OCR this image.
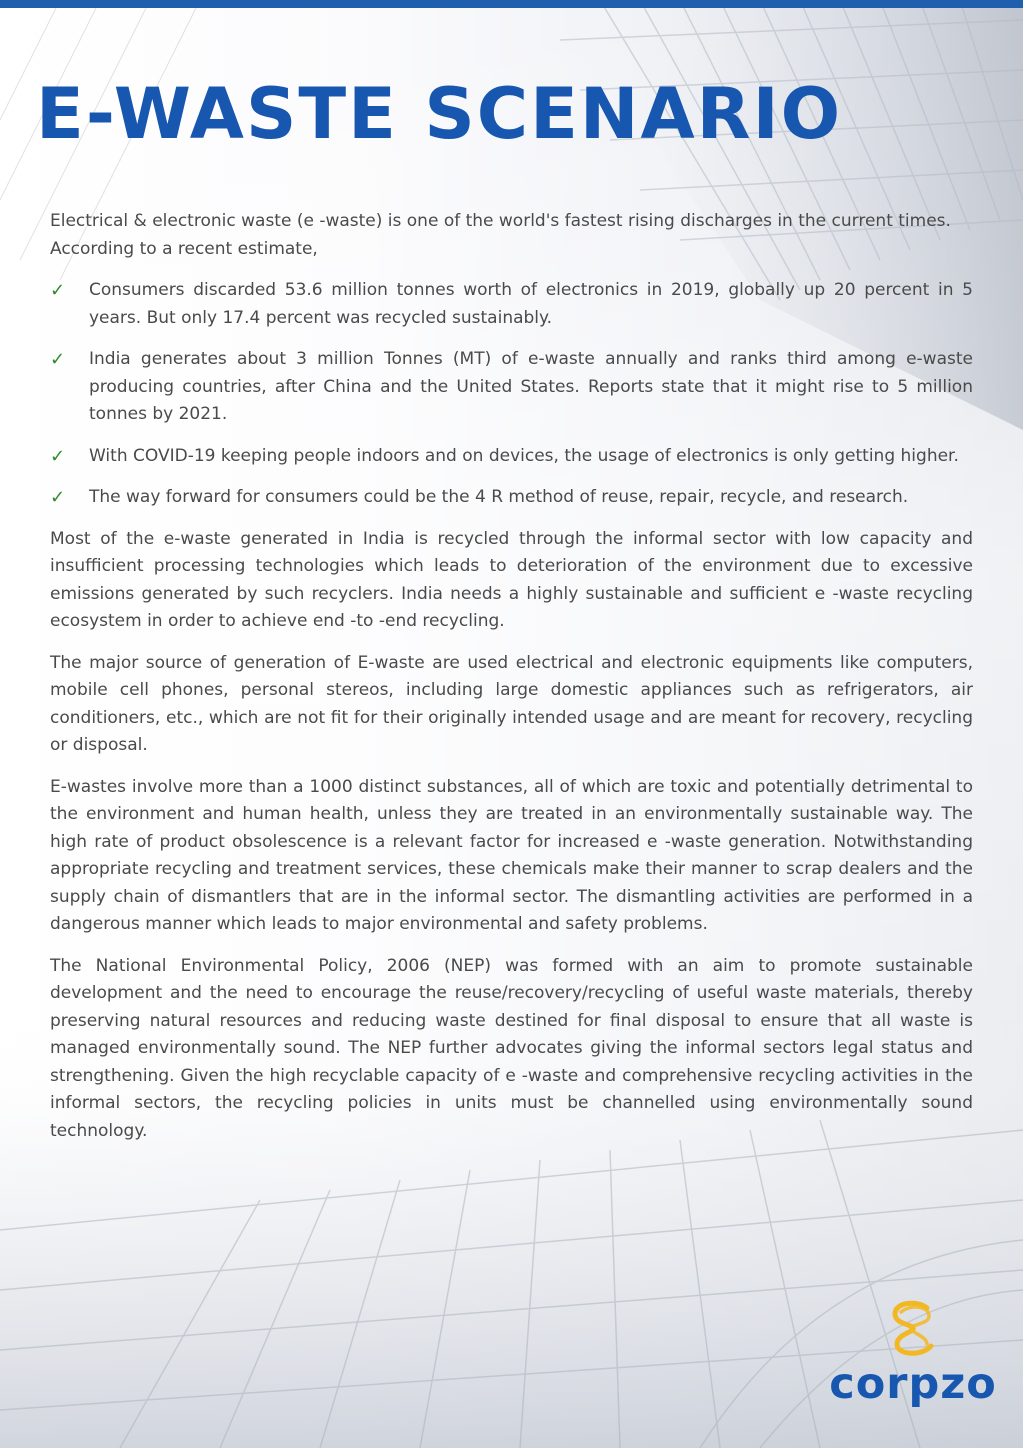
E-WASTE SCENARIO

Electrical & electronic waste (e -waste) is one of the world's fastest rising discharges in the current times. According to a recent estimate,

✓ Consumers discarded 53.6 million tonnes worth of electronics in 2019, globally up 20 percent in 5 years. But only 17.4 percent was recycled sustainably.
✓ India generates about 3 million Tonnes (MT) of e-waste annually and ranks third among e-waste producing countries, after China and the United States. Reports state that it might rise to 5 million tonnes by 2021.
✓ With COVID-19 keeping people indoors and on devices, the usage of electronics is only getting higher.
✓ The way forward for consumers could be the 4 R method of reuse, repair, recycle, and research.

Most of the e-waste generated in India is recycled through the informal sector with low capacity and insufficient processing technologies which leads to deterioration of the environment due to excessive emissions generated by such recyclers. India needs a highly sustainable and sufficient e -waste recycling ecosystem in order to achieve end -to -end recycling.

The major source of generation of E-waste are used electrical and electronic equipments like computers, mobile cell phones, personal stereos, including large domestic appliances such as refrigerators, air conditioners, etc., which are not fit for their originally intended usage and are meant for recovery, recycling or disposal.

E-wastes involve more than a 1000 distinct substances, all of which are toxic and potentially detrimental to the environment and human health, unless they are treated in an environmentally sustainable way. The high rate of product obsolescence is a relevant factor for increased e -waste generation. Notwithstanding appropriate recycling and treatment services, these chemicals make their manner to scrap dealers and the supply chain of dismantlers that are in the informal sector. The dismantling activities are performed in a dangerous manner which leads to major environmental and safety problems.

The National Environmental Policy, 2006 (NEP) was formed with an aim to promote sustainable development and the need to encourage the reuse/recovery/recycling of useful waste materials, thereby preserving natural resources and reducing waste destined for final disposal to ensure that all waste is managed environmentally sound. The NEP further advocates giving the informal sectors legal status and strengthening. Given the high recyclable capacity of e -waste and comprehensive recycling activities in the informal sectors, the recycling policies in units must be channelled using environmentally sound technology.

corpzo
